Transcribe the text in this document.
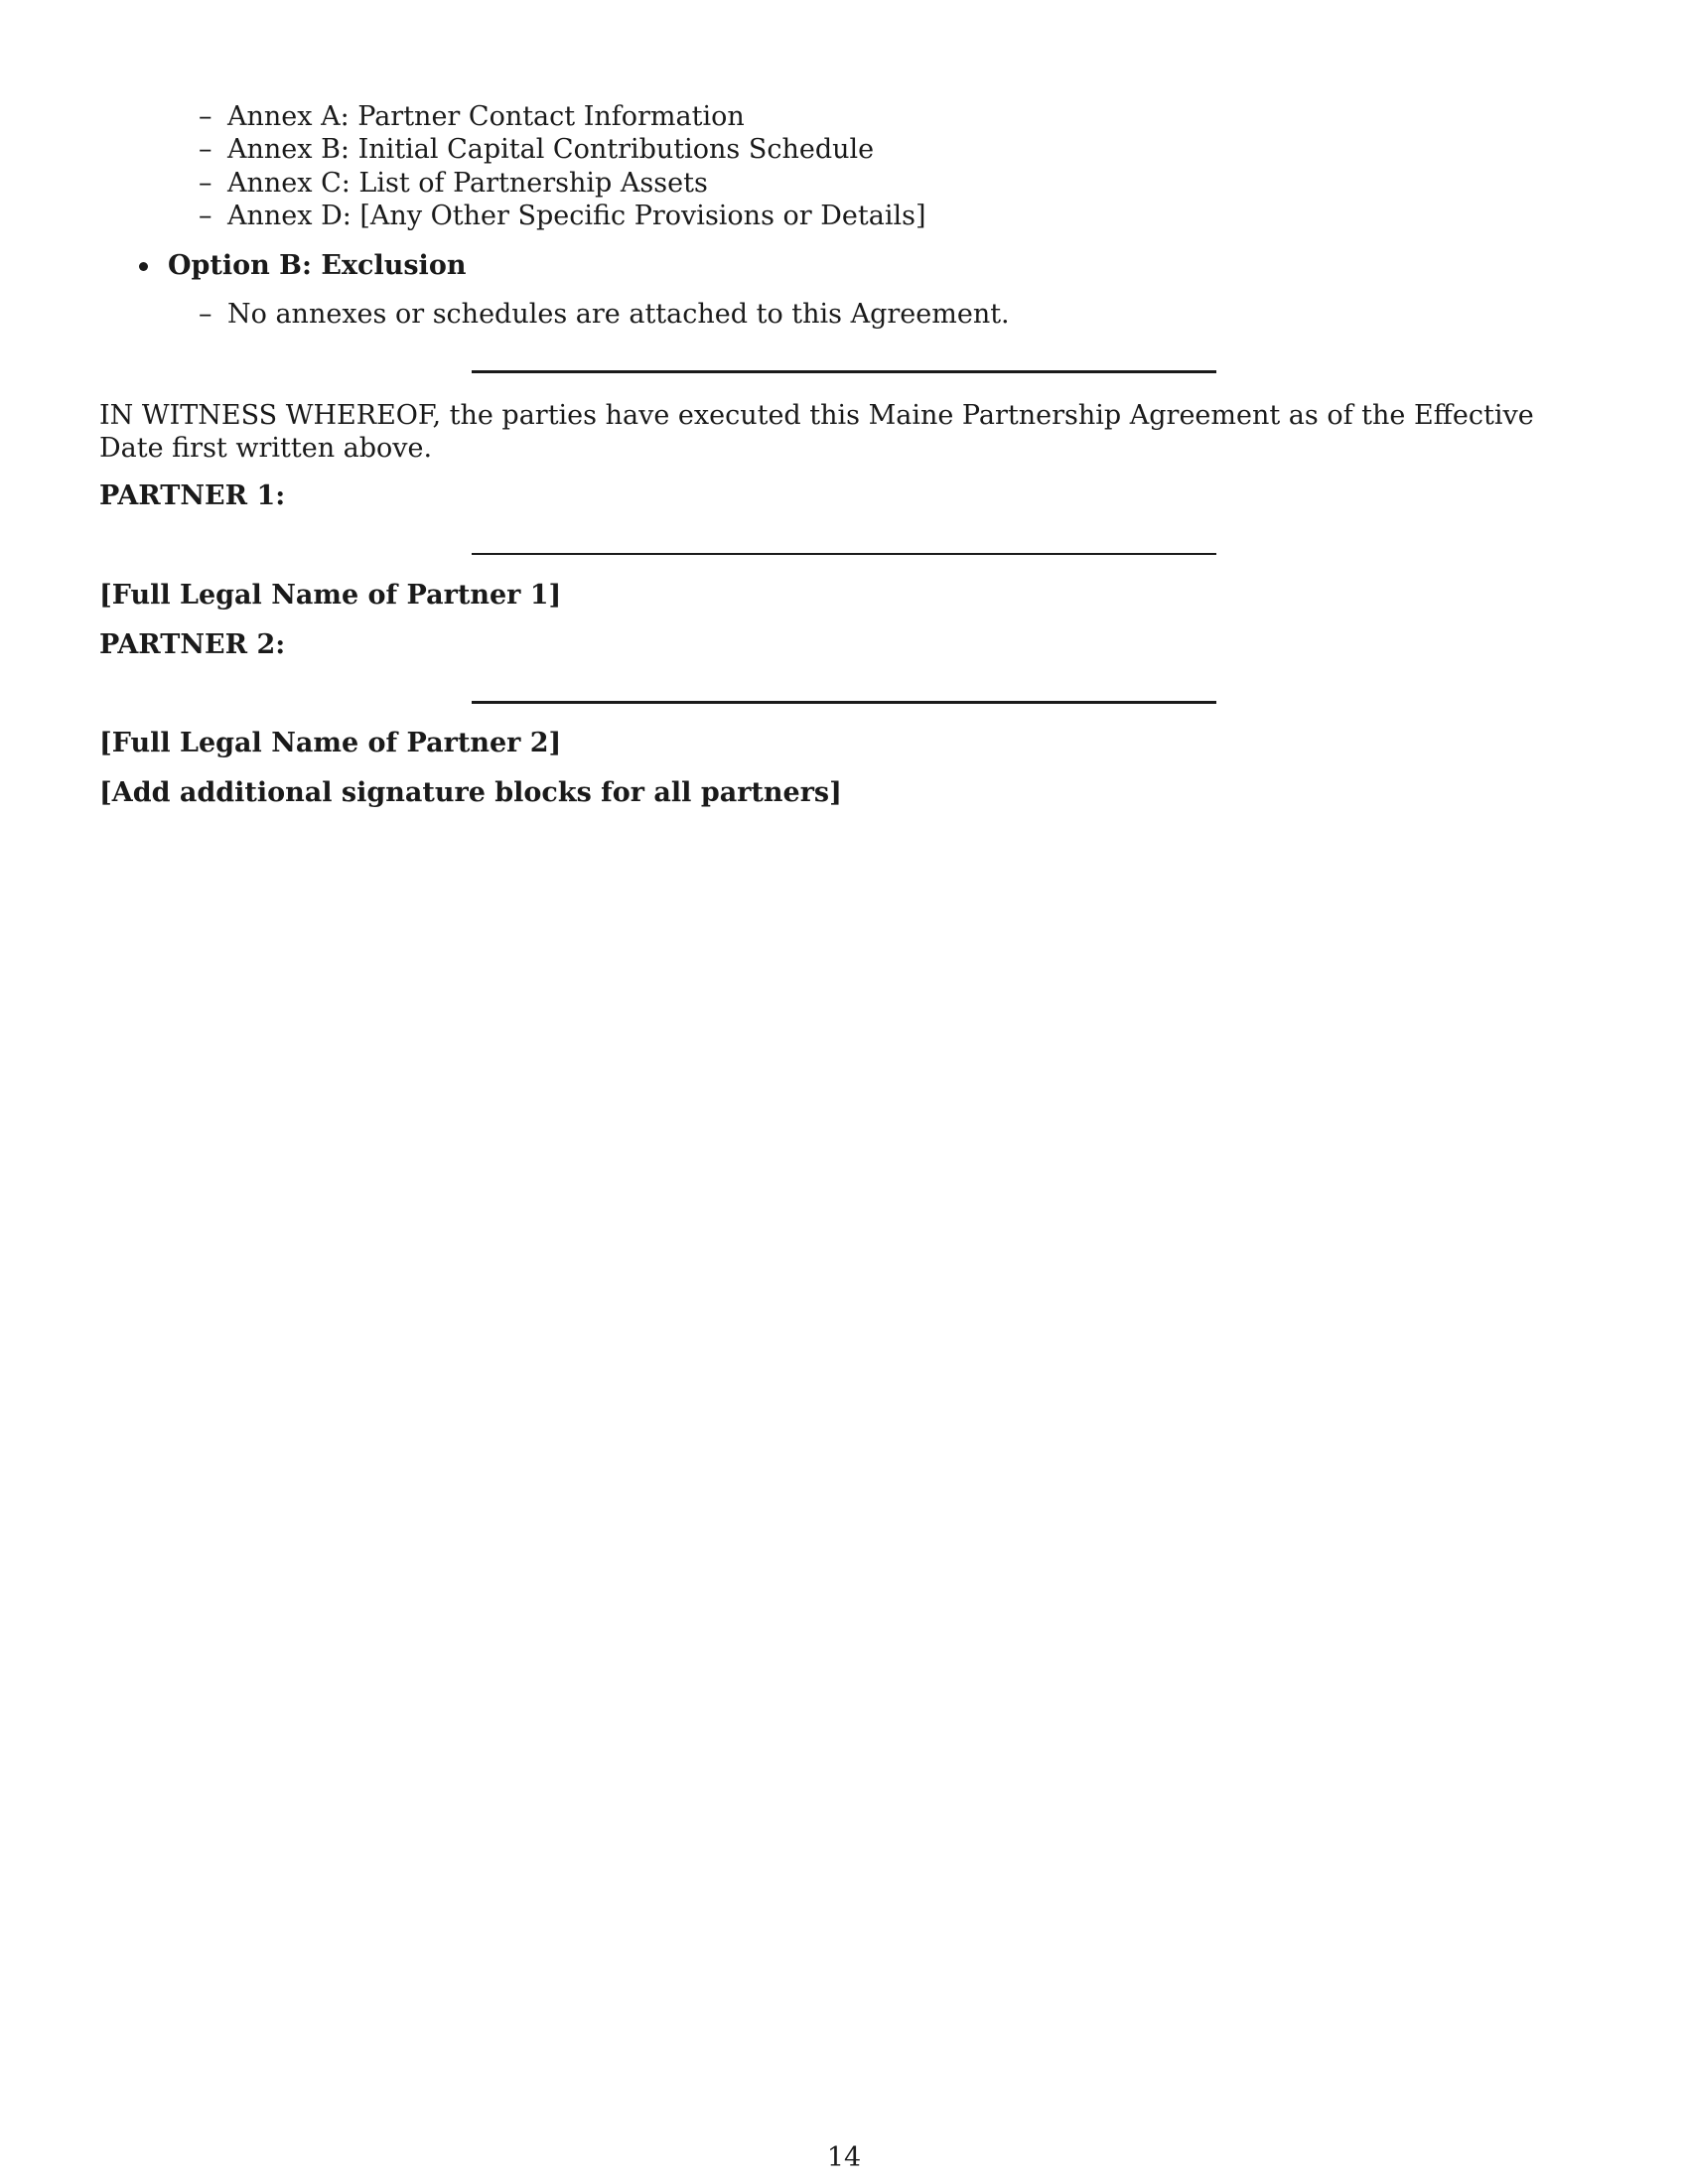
– Annex A: Partner Contact Information
– Annex B: Initial Capital Contributions Schedule
– Annex C: List of Partnership Assets
– Annex D: [Any Other Specific Provisions or Details]
Option B: Exclusion
– No annexes or schedules are attached to this Agreement.
IN WITNESS WHEREOF, the parties have executed this Maine Partnership Agreement as of the Effective Date first written above.
PARTNER 1:
[Full Legal Name of Partner 1]
PARTNER 2:
[Full Legal Name of Partner 2]
[Add additional signature blocks for all partners]
14
